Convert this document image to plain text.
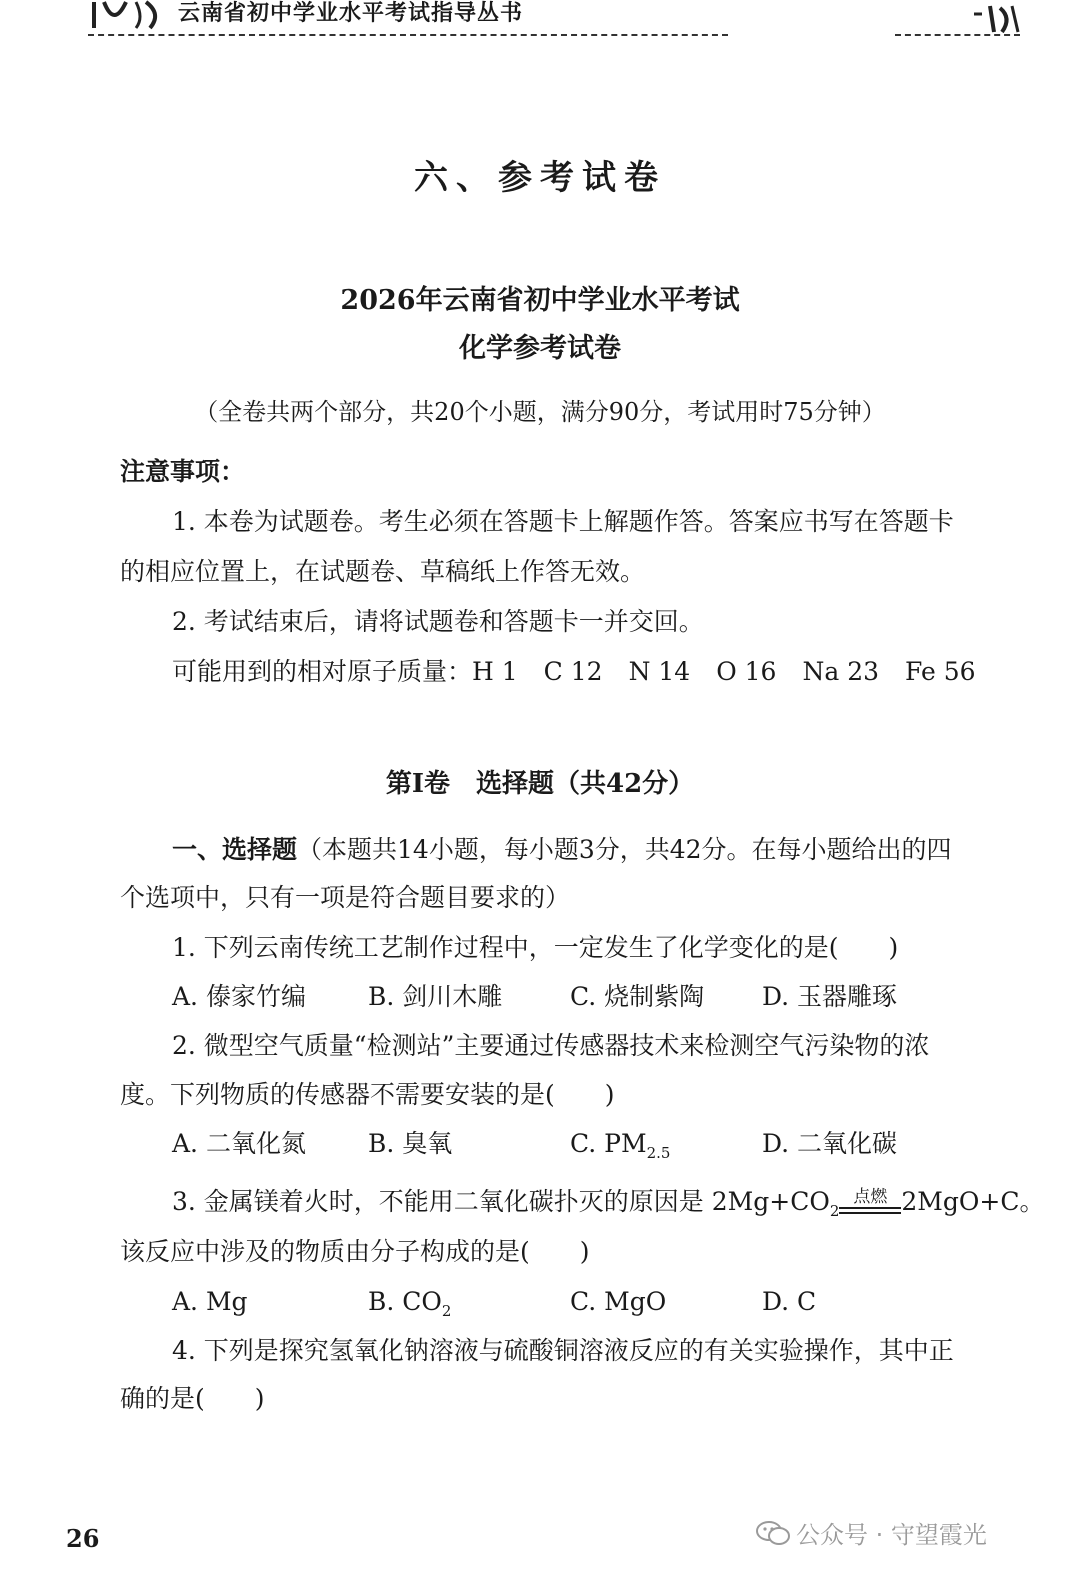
云南省初中学业水平考试指导丛书
六、参考试卷
2026年云南省初中学业水平考试
化学参考试卷
（全卷共两个部分，共20个小题，满分90分，考试用时75分钟）
注意事项：
1. 本卷为试题卷。考生必须在答题卡上解题作答。答案应书写在答题卡
的相应位置上，在试题卷、草稿纸上作答无效。
2. 考试结束后，请将试题卷和答题卡一并交回。
可能用到的相对原子质量：H 1 C 12 N 14 O 16 Na 23 Fe 56
第Ⅰ卷　选择题（共42分）
一、选择题（本题共14小题，每小题3分，共42分。在每小题给出的四
个选项中，只有一项是符合题目要求的）
1. 下列云南传统工艺制作过程中，一定发生了化学变化的是(　　)
A. 傣家竹编 B. 剑川木雕	C. 烧制紫陶 D. 玉器雕琢
2. 微型空气质量“检测站”主要通过传感器技术来检测空气污染物的浓
度。下列物质的传感器不需要安装的是(　　)
A. 二氧化氮 B. 臭氧	C. $PM_{2.5}$	D. 二氧化碳
3. 金属镁着火时，不能用二氧化碳扑灭的原因是 $2Mg+CO_2$
点燃 2MgO+C。
该反应中涉及的物质由分子构成的是(　　)
A. Mg	B. $CO_2$	C. MgO	D. C
4. 下列是探究氢氧化钠溶液与硫酸铜溶液反应的有关实验操作，其中正
确的是(　　)
26	公众号 · 守望霞光
